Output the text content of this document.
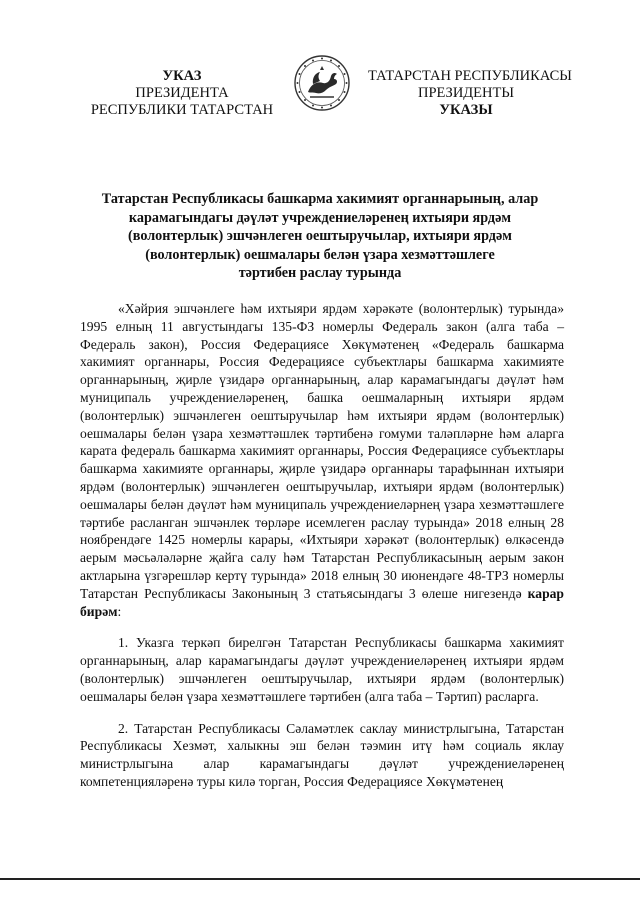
УКАЗ
ПРЕЗИДЕНТА
РЕСПУБЛИКИ ТАТАРСТАН
ТАТАРСТАН РЕСПУБЛИКАСЫ
ПРЕЗИДЕНТЫ
УКАЗЫ
Татарстан Республикасы башкарма хакимият органнарының, алар
карамагындагы дәүләт учреждениеләренең ихтыяри ярдәм
(волонтерлык) эшчәнлеген оештыручылар, ихтыяри ярдәм
(волонтерлык) оешмалары белән үзара хезмәттәшлеге
тәртибен раслау турында

«Хәйрия эшчәнлеге һәм ихтыяри ярдәм хәрәкәте (волонтерлык) турында» 1995 елның 11 августындагы 135-ФЗ номерлы Федераль закон (алга таба – Федераль закон), Россия Федерациясе Хөкүмәтенең «Федераль башкарма хакимият органнары, Россия Федерациясе субъектлары башкарма хакимияте органнарының, җирле үзидарә органнарының, алар карамагындагы дәүләт һәм муниципаль учреждениеләренең, башка оешмаларның ихтыяри ярдәм (волонтерлык) эшчәнлеген оештыручылар һәм ихтыяри ярдәм (волонтерлык) оешмалары белән үзара хезмәттәшлек тәртибенә гомуми таләпләрне һәм аларга карата федераль башкарма хакимият органнары, Россия Федерациясе субъектлары башкарма хакимияте органнары, җирле үзидарә органнары тарафыннан ихтыяри ярдәм (волонтерлык) эшчәнлеген оештыручылар, ихтыяри ярдәм (волонтерлык) оешмалары белән дәүләт һәм муниципаль учреждениеләрнең үзара хезмәттәшлеге тәртибе расланган эшчәнлек төрләре исемлеген раслау турында» 2018 елның 28 ноябрендәге 1425 номерлы карары, «Ихтыяри хәрәкәт (волонтерлык) өлкәсендә аерым мәсьәләләрне җайга салу һәм Татарстан Республикасының аерым закон актларына үзгәрешләр кертү турында» 2018 елның 30 июнендәге 48-ТРЗ номерлы Татарстан Республикасы Законының 3 статьясындагы 3 өлеше нигезендә карар бирәм:

1. Указга теркәп бирелгән Татарстан Республикасы башкарма хакимият органнарының, алар карамагындагы дәүләт учреждениеләренең ихтыяри ярдәм (волонтерлык) эшчәнлеген оештыручылар, ихтыяри ярдәм (волонтерлык) оешмалары белән үзара хезмәттәшлеге тәртибен (алга таба – Тәртип) расларга.

2. Татарстан Республикасы Сәламәтлек саклау министрлыгына, Татарстан Республикасы Хезмәт, халыкны эш белән тәэмин итү һәм социаль яклау министрлыгына алар карамагындагы дәүләт учреждениеләренең компетенцияләренә туры килә торган, Россия Федерациясе Хөкүмәтенең
